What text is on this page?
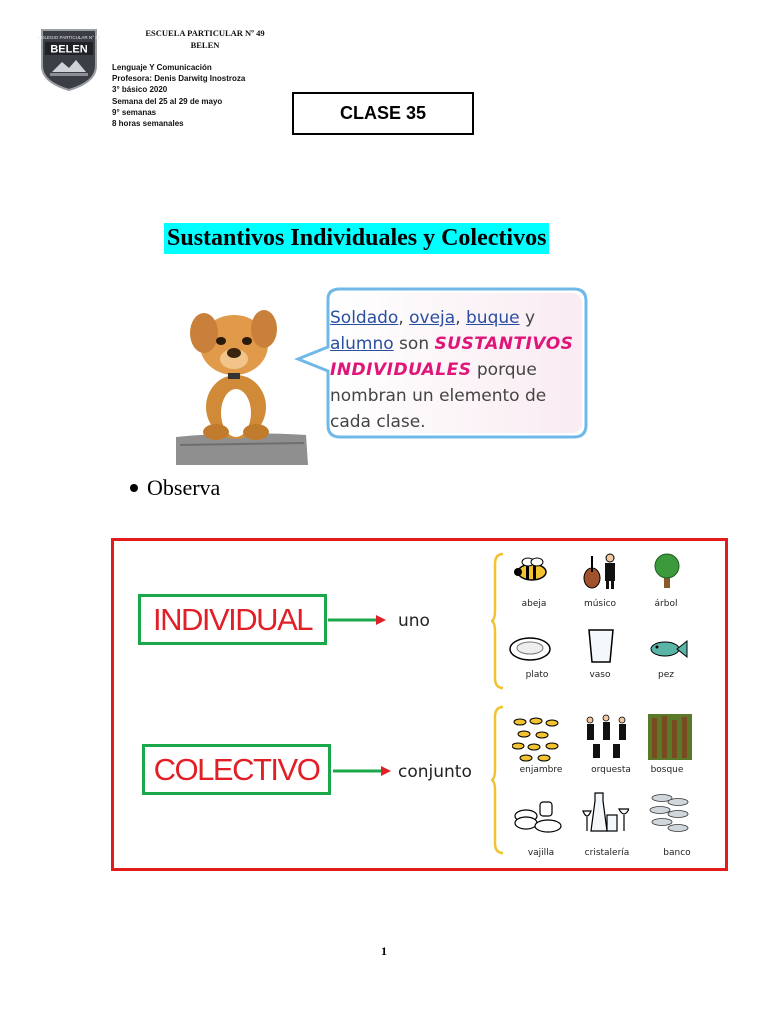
COLEGIO PARTICULAR N° 49
BELEN
ESCUELA PARTICULAR Nº 49
BELEN
Lenguaje Y Comunicación
Profesora: Denis Darwitg Inostroza
3° básico 2020
Semana del 25 al 29 de mayo
9° semanas
8 horas semanales
CLASE 35
Sustantivos Individuales y Colectivos
Soldado, oveja, buque y alumno son SUSTANTIVOS INDIVIDUALES porque nombran un elemento de cada clase.
Observa
INDIVIDUAL
COLECTIVO
uno
conjunto
abeja	músico	árbol
plato	vaso	pez
enjambre	orquesta	bosque
vajilla	cristalería	banco
1
